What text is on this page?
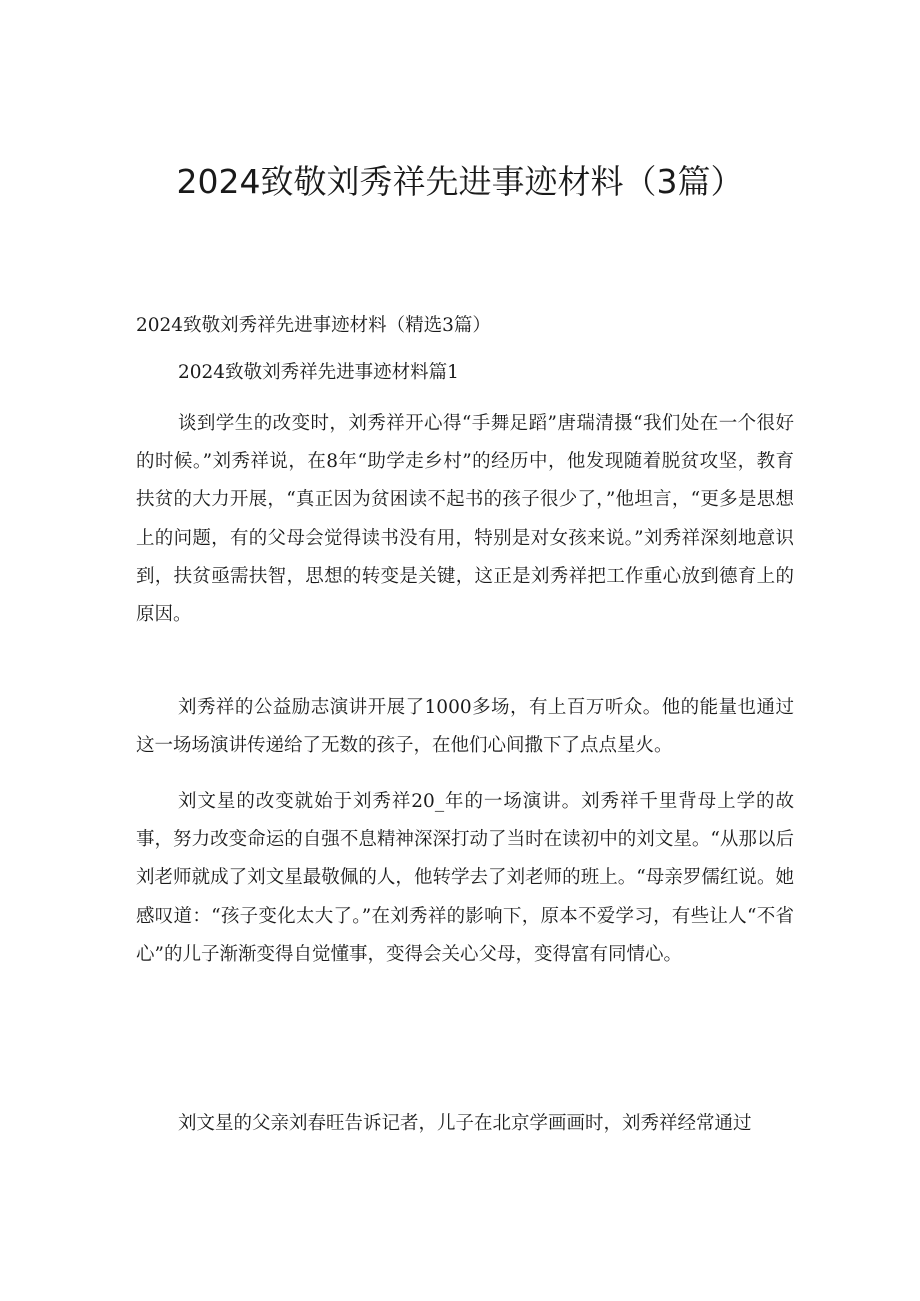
2024致敬刘秀祥先进事迹材料（3篇）

2024致敬刘秀祥先进事迹材料（精选3篇）

2024致敬刘秀祥先进事迹材料篇1

谈到学生的改变时，刘秀祥开心得“手舞足蹈”唐瑞清摄“我们处在一个很好的时候。”刘秀祥说，在8年“助学走乡村”的经历中，他发现随着脱贫攻坚，教育扶贫的大力开展，“真正因为贫困读不起书的孩子很少了，”他坦言，“更多是思想上的问题，有的父母会觉得读书没有用，特别是对女孩来说。”刘秀祥深刻地意识到，扶贫亟需扶智，思想的转变是关键，这正是刘秀祥把工作重心放到德育上的原因。

刘秀祥的公益励志演讲开展了1000多场，有上百万听众。他的能量也通过这一场场演讲传递给了无数的孩子，在他们心间撒下了点点星火。

刘文星的改变就始于刘秀祥20_年的一场演讲。刘秀祥千里背母上学的故事，努力改变命运的自强不息精神深深打动了当时在读初中的刘文星。“从那以后刘老师就成了刘文星最敬佩的人，他转学去了刘老师的班上。“母亲罗儒红说。她感叹道：“孩子变化太大了。”在刘秀祥的影响下，原本不爱学习，有些让人“不省心”的儿子渐渐变得自觉懂事，变得会关心父母，变得富有同情心。

刘文星的父亲刘春旺告诉记者，儿子在北京学画画时，刘秀祥经常通过
